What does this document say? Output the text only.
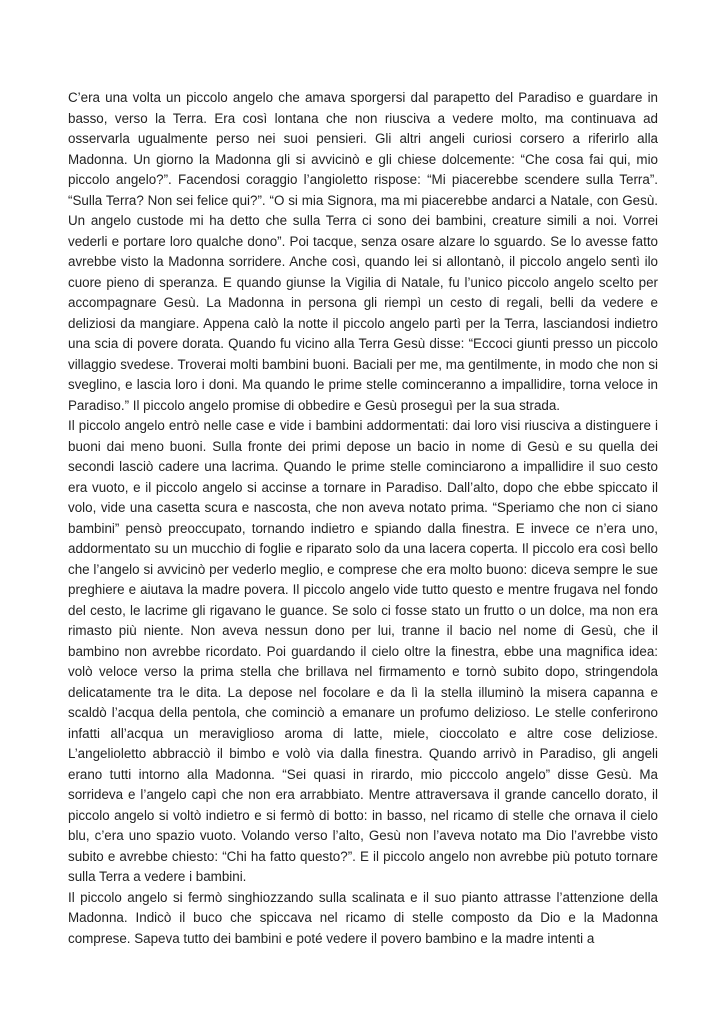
C’era una volta un piccolo angelo che amava sporgersi dal parapetto del Paradiso e guardare in basso, verso la Terra. Era così lontana che non riusciva a vedere molto, ma continuava ad osservarla ugualmente perso nei suoi pensieri. Gli altri angeli curiosi corsero a riferirlo alla Madonna. Un giorno la Madonna gli si avvicinò e gli chiese dolcemente: “Che cosa fai qui, mio piccolo angelo?”. Facendosi coraggio l’angioletto rispose: “Mi piacerebbe scendere sulla Terra”. “Sulla Terra? Non sei felice qui?”. “O si mia Signora, ma mi piacerebbe andarci a Natale, con Gesù. Un angelo custode mi ha detto che sulla Terra ci sono dei bambini, creature simili a noi. Vorrei vederli e portare loro qualche dono”. Poi tacque, senza osare alzare lo sguardo. Se lo avesse fatto avrebbe visto la Madonna sorridere. Anche così, quando lei si allontanò, il piccolo angelo sentì ilo cuore pieno di speranza. E quando giunse la Vigilia di Natale, fu l’unico piccolo angelo scelto per accompagnare Gesù. La Madonna in persona gli riempì un cesto di regali, belli da vedere e deliziosi da mangiare. Appena calò la notte il piccolo angelo partì per la Terra, lasciandosi indietro una scia di povere dorata. Quando fu vicino alla Terra Gesù disse: “Eccoci giunti presso un piccolo villaggio svedese. Troverai molti bambini buoni. Baciali per me, ma gentilmente, in modo che non si sveglino, e lascia loro i doni. Ma quando le prime stelle cominceranno a impallidire, torna veloce in Paradiso.” Il piccolo angelo promise di obbedire e Gesù proseguì per la sua strada.

Il piccolo angelo entrò nelle case e vide i bambini addormentati: dai loro visi riusciva a distinguere i buoni dai meno buoni. Sulla fronte dei primi depose un bacio in nome di Gesù e su quella dei secondi lasciò cadere una lacrima. Quando le prime stelle cominciarono a impallidire il suo cesto era vuoto, e il piccolo angelo si accinse a tornare in Paradiso. Dall’alto, dopo che ebbe spiccato il volo, vide una casetta scura e nascosta, che non aveva notato prima. “Speriamo che non ci siano bambini” pensò preoccupato, tornando indietro e spiando dalla finestra. E invece ce n’era uno, addormentato su un mucchio di foglie e riparato solo da una lacera coperta. Il piccolo era così bello che l’angelo si avvicinò per vederlo meglio, e comprese che era molto buono: diceva sempre le sue preghiere e aiutava la madre povera. Il piccolo angelo vide tutto questo e mentre frugava nel fondo del cesto, le lacrime gli rigavano le guance. Se solo ci fosse stato un frutto o un dolce, ma non era rimasto più niente. Non aveva nessun dono per lui, tranne il bacio nel nome di Gesù, che il bambino non avrebbe ricordato. Poi guardando il cielo oltre la finestra, ebbe una magnifica idea: volò veloce verso la prima stella che brillava nel firmamento e tornò subito dopo, stringendola delicatamente tra le dita. La depose nel focolare e da lì la stella illuminò la misera capanna e scaldò l’acqua della pentola, che cominciò a emanare un profumo delizioso. Le stelle conferirono infatti all’acqua un meraviglioso aroma di latte, miele, cioccolato e altre cose deliziose. L’angelioletto abbracciò il bimbo e volò via dalla finestra. Quando arrivò in Paradiso, gli angeli erano tutti intorno alla Madonna. “Sei quasi in rirardo, mio picccolo angelo” disse Gesù. Ma sorrideva e l’angelo capì che non era arrabbiato. Mentre attraversava il grande cancello dorato, il piccolo angelo si voltò indietro e si fermò di botto: in basso, nel ricamo di stelle che ornava il cielo blu, c’era uno spazio vuoto. Volando verso l’alto, Gesù non l’aveva notato ma Dio l’avrebbe visto subito e avrebbe chiesto: “Chi ha fatto questo?”. E il piccolo angelo non avrebbe più potuto tornare sulla Terra a vedere i bambini.

Il piccolo angelo si fermò singhiozzando sulla scalinata e il suo pianto attrasse l’attenzione della Madonna. Indicò il buco che spiccava nel ricamo di stelle composto da Dio e la Madonna comprese. Sapeva tutto dei bambini e poté vedere il povero bambino e la madre intenti a
